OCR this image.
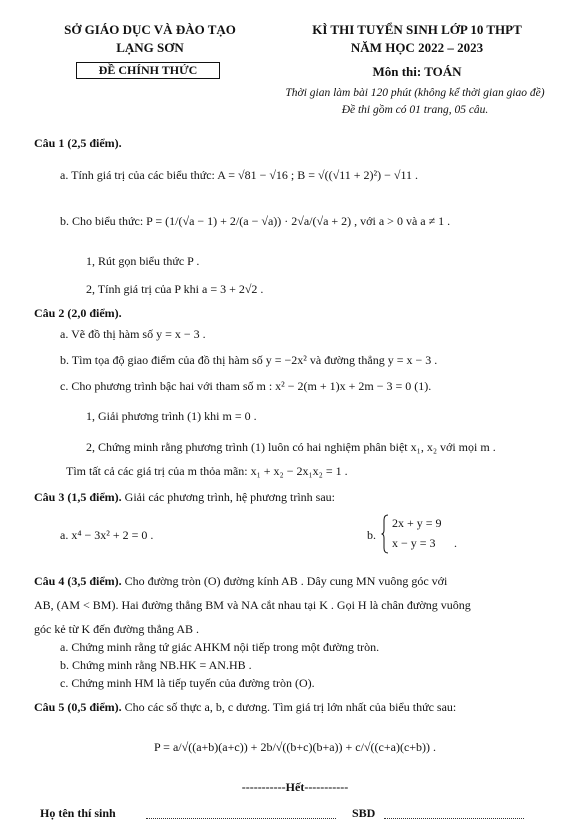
SỞ GIÁO DỤC VÀ ĐÀO TẠO
LẠNG SƠN
ĐỀ CHÍNH THỨC
KÌ THI TUYỂN SINH LỚP 10 THPT
NĂM HỌC 2022 – 2023
Môn thi: TOÁN
Thời gian làm bài 120 phút (không kể thời gian giao đề)
Đề thi gồm có 01 trang, 05 câu.
Câu 1 (2,5 điểm).
a. Tính giá trị của các biểu thức: A = √81 − √16 ; B = √((√11 + 2)²) − √11 .
b. Cho biểu thức: P = (1/(√a − 1) + 2/(a − √a)) · 2√a/(√a + 2) , với a > 0 và a ≠ 1 .
1, Rút gọn biểu thức P .
2, Tính giá trị của P khi a = 3 + 2√2 .
Câu 2 (2,0 điểm).
a. Vẽ đồ thị hàm số y = x − 3 .
b. Tìm tọa độ giao điểm của đồ thị hàm số y = −2x² và đường thẳng y = x − 3 .
c. Cho phương trình bậc hai với tham số m : x² − 2(m + 1)x + 2m − 3 = 0 (1).
1, Giải phương trình (1) khi m = 0 .
2, Chứng minh rằng phương trình (1) luôn có hai nghiệm phân biệt x₁, x₂ với mọi m .
Tìm tất cả các giá trị của m thỏa mãn: x₁ + x₂ − 2x₁x₂ = 1 .
Câu 3 (1,5 điểm). Giải các phương trình, hệ phương trình sau:
a. x⁴ − 3x² + 2 = 0 .	b.
2x + y = 9
x − y = 3 .
Câu 4 (3,5 điểm). Cho đường tròn (O) đường kính AB . Dây cung MN vuông góc với
AB, (AM < BM). Hai đường thẳng BM và NA cắt nhau tại K . Gọi H là chân đường vuông
góc kẻ từ K đến đường thẳng AB .
a. Chứng minh rằng tứ giác AHKM nội tiếp trong một đường tròn.
b. Chứng minh rằng NB.HK = AN.HB .
c. Chứng minh HM là tiếp tuyến của đường tròn (O).
Câu 5 (0,5 điểm). Cho các số thực a, b, c dương. Tìm giá trị lớn nhất của biểu thức sau:
P = a/√((a+b)(a+c)) + 2b/√((b+c)(b+a)) + c/√((c+a)(c+b)) .
-----------Hết-----------
Họ tên thí sinh	SBD
